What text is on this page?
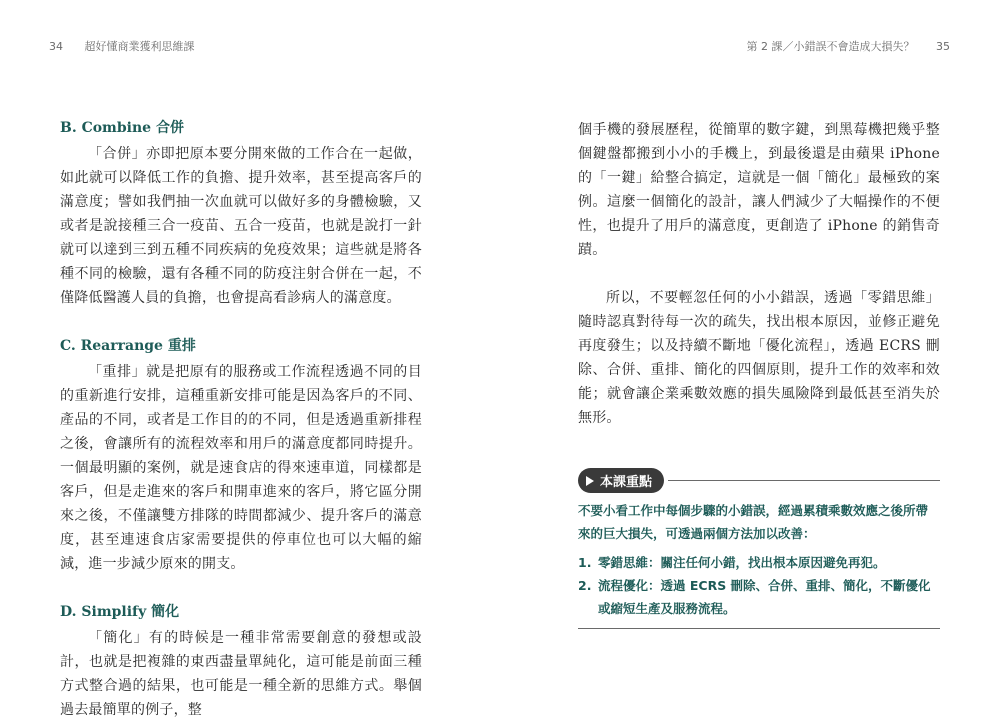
34 超好懂商業獲利思維課	第 2 課／小錯誤不會造成大損失？ 35
B. Combine 合併

「合併」亦即把原本要分開來做的工作合在一起做，如此就可以降低工作的負擔、提升效率，甚至提高客戶的滿意度；譬如我們抽一次血就可以做好多的身體檢驗，又或者是說接種三合一疫苗、五合一疫苗，也就是說打一針就可以達到三到五種不同疾病的免疫效果；這些就是將各種不同的檢驗，還有各種不同的防疫注射合併在一起，不僅降低醫護人員的負擔，也會提高看診病人的滿意度。

C. Rearrange 重排

「重排」就是把原有的服務或工作流程透過不同的目的重新進行安排，這種重新安排可能是因為客戶的不同、產品的不同，或者是工作目的的不同，但是透過重新排程之後，會讓所有的流程效率和用戶的滿意度都同時提升。一個最明顯的案例，就是速食店的得來速車道，同樣都是客戶，但是走進來的客戶和開車進來的客戶，將它區分開來之後，不僅讓雙方排隊的時間都減少、提升客戶的滿意度，甚至連速食店家需要提供的停車位也可以大幅的縮減，進一步減少原來的開支。

D. Simplify 簡化

「簡化」有的時候是一種非常需要創意的發想或設計，也就是把複雜的東西盡量單純化，這可能是前面三種方式整合過的結果，也可能是一種全新的思維方式。舉個過去最簡單的例子，整

個手機的發展歷程，從簡單的數字鍵，到黑莓機把幾乎整個鍵盤都搬到小小的手機上，到最後還是由蘋果 iPhone 的「一鍵」給整合搞定，這就是一個「簡化」最極致的案例。這麼一個簡化的設計，讓人們減少了大幅操作的不便性，也提升了用戶的滿意度，更創造了 iPhone 的銷售奇蹟。

所以，不要輕忽任何的小小錯誤，透過「零錯思維」隨時認真對待每一次的疏失，找出根本原因，並修正避免再度發生；以及持續不斷地「優化流程」，透過 ECRS 刪除、合併、重排、簡化的四個原則，提升工作的效率和效能；就會讓企業乘數效應的損失風險降到最低甚至消失於無形。

本課重點
不要小看工作中每個步驟的小錯誤，經過累積乘數效應之後所帶來的巨大損失，可透過兩個方法加以改善：
1. 零錯思維：關注任何小錯，找出根本原因避免再犯。
2. 流程優化：透過 ECRS 刪除、合併、重排、簡化，不斷優化或縮短生產及服務流程。
